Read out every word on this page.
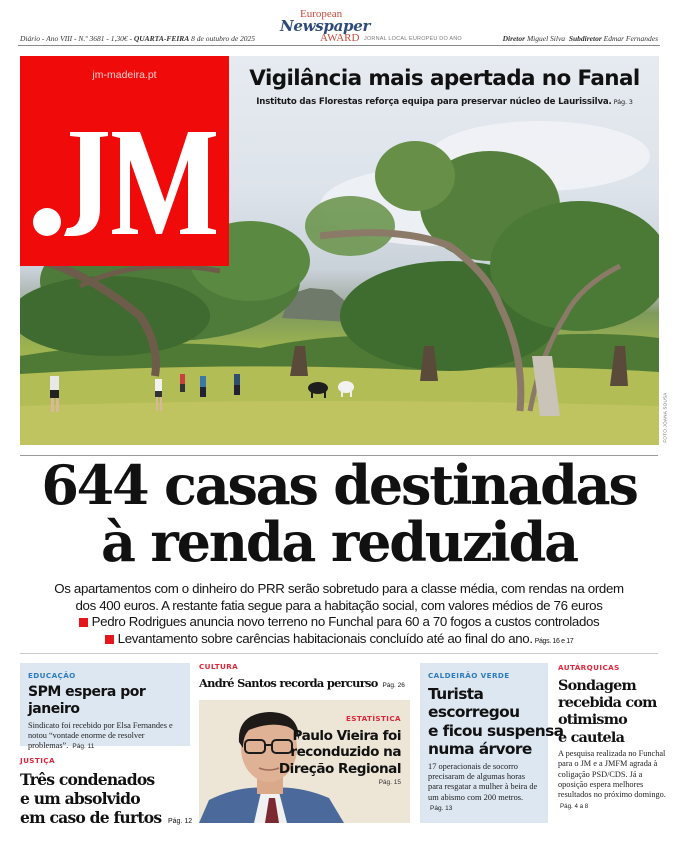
Diário - Ano VIII - N.º 3681 - 1,30€ - QUARTA-FEIRA 8 de outubro de 2025
European
Newspaper
AWARD JORNAL LOCAL EUROPEU DO ANO	Diretor Miguel Silva Subdiretor Edmar Fernandes
FOTO JOANA SOUSA
jm-madeira.pt	Vigilância mais apertada no Fanal

Instituto das Florestas reforça equipa para preservar núcleo de Laurissilva. Pág. 3

644 casas destinadas
à renda reduzida
Os apartamentos com o dinheiro do PRR serão sobretudo para a classe média, com rendas na ordem
dos 400 euros. A restante fatia segue para a habitação social, com valores médios de 76 euros
Pedro Rodrigues anuncia novo terreno no Funchal para 60 a 70 fogos a custos controlados
Levantamento sobre carências habitacionais concluído até ao final do ano. Págs. 16 e 17
EDUCAÇÃO
SPM espera por janeiro

Sindicato foi recebido por Elsa Fernandes e notou “vontade enorme de resolver problemas”. Pág. 11

JUSTIÇA
Três condenados
e um absolvido
em caso de furtos Pág. 12
CULTURA
André Santos recorda percurso Pág. 26
ESTATÍSTICA
Paulo Vieira foi
reconduzido na
Direção Regional
Pág. 15
CALDEIRÃO VERDE
Turista
escorregou
e ficou suspensa
numa árvore

17 operacionais de socorro precisaram de algumas horas para resgatar a mulher à beira de um abismo com 200 metros. Pág. 13

AUTÁRQUICAS
Sondagem
recebida com
otimismo
e cautela

A pesquisa realizada no Funchal para o JM e a JMFM agrada à coligação PSD/CDS. Já a oposição espera melhores resultados no próximo domingo. Pág. 4 a 8
